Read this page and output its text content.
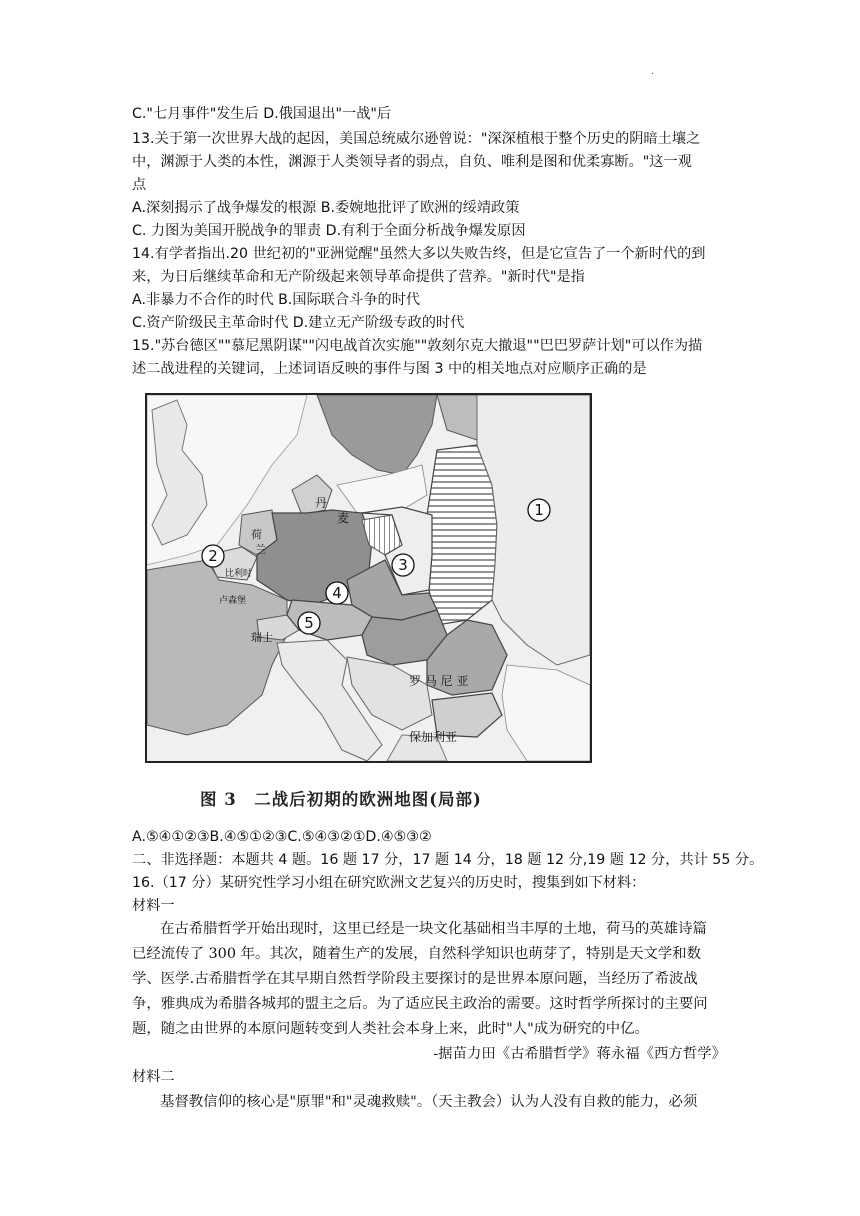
.
C."七月事件"发生后 D.俄国退出"一战"后
13.关于第一次世界大战的起因，美国总统威尔逊曾说："深深植根于整个历史的阴暗土壤之
中，渊源于人类的本性，渊源于人类领导者的弱点，自负、唯利是图和优柔寡断。"这一观
点
A.深刻揭示了战争爆发的根源 B.委婉地批评了欧洲的绥靖政策
C. 力图为美国开脱战争的罪责 D.有利于全面分析战争爆发原因
14.有学者指出.20 世纪初的"亚洲觉醒"虽然大多以失败告终，但是它宣告了一个新时代的到
来，为日后继续革命和无产阶级起来领导革命提供了营养。"新时代"是指
A.非暴力不合作的时代 B.国际联合斗争的时代
C.资产阶级民主革命时代 D.建立无产阶级专政的时代
15."苏台德区""慕尼黑阴谋""闪电战首次实施""敦刻尔克大撤退""巴巴罗萨计划"可以作为描
述二战进程的关键词，上述词语反映的事件与图 3 中的相关地点对应顺序正确的是
丹
麦
荷
兰
比利时
卢森堡
瑞士
罗 马 尼 亚
保加利亚
1
2	3
4
5
图 3　二战后初期的欧洲地图(局部)
A.⑤④①②③B.④⑤①②③C.⑤④③②①D.④⑤③②
二、非选择题：本题共 4 题。16 题 17 分，17 题 14 分，18 题 12 分,19 题 12 分，共计 55 分。
16.（17 分）某研究性学习小组在研究欧洲文艺复兴的历史时，搜集到如下材料：
材料一
在古希腊哲学开始出现时，这里已经是一块文化基础相当丰厚的土地，荷马的英雄诗篇
已经流传了 300 年。其次，随着生产的发展，自然科学知识也萌芽了，特别是天文学和数
学、医学.古希腊哲学在其早期自然哲学阶段主要探讨的是世界本原问题，当经历了希波战
争，雅典成为希腊各城邦的盟主之后。为了适应民主政治的需要。这时哲学所探讨的主要问
题，随之由世界的本原问题转变到人类社会本身上来，此时"人"成为研究的中亿。
-据苗力田《古希腊哲学》蒋永福《西方哲学》
材料二
基督教信仰的核心是"原罪"和"灵魂救赎"。（天主教会）认为人没有自救的能力，必须
